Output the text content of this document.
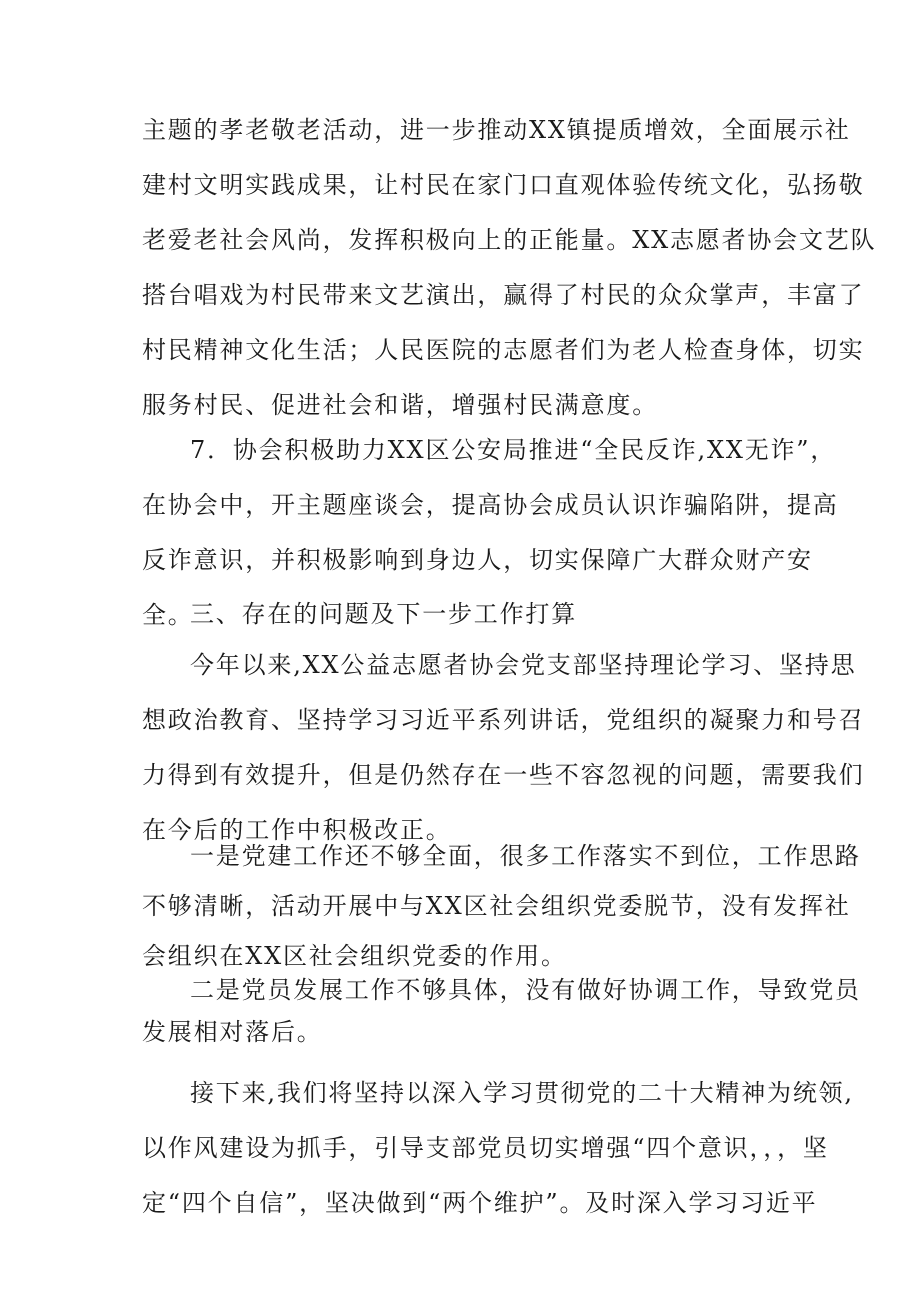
主题的孝老敬老活动，进一步推动XX镇提质增效，全面展示社
建村文明实践成果，让村民在家门口直观体验传统文化，弘扬敬
老爱老社会风尚，发挥积极向上的正能量。XX志愿者协会文艺队
搭台唱戏为村民带来文艺演出，赢得了村民的众众掌声，丰富了
村民精神文化生活；人民医院的志愿者们为老人检查身体，切实
服务村民、促进社会和谐，增强村民满意度。
7．协会积极助力XX区公安局推进“全民反诈,XX无诈”，
在协会中，开主题座谈会，提高协会成员认识诈骗陷阱，提高
反诈意识，并积极影响到身边人，切实保障广大群众财产安
全。
三、存在的问题及下一步工作打算
今年以来,XX公益志愿者协会党支部坚持理论学习、坚持思
想政治教育、坚持学习习近平系列讲话，党组织的凝聚力和号召
力得到有效提升，但是仍然存在一些不容忽视的问题，需要我们
在今后的工作中积极改正。
一是党建工作还不够全面，很多工作落实不到位，工作思路
不够清晰，活动开展中与XX区社会组织党委脱节，没有发挥社
会组织在XX区社会组织党委的作用。
二是党员发展工作不够具体，没有做好协调工作，导致党员
发展相对落后。
接下来,我们将坚持以深入学习贯彻党的二十大精神为统领,
以作风建设为抓手，引导支部党员切实增强“四个意识，，，坚
定“四个自信”，坚决做到“两个维护”。及时深入学习习近平
